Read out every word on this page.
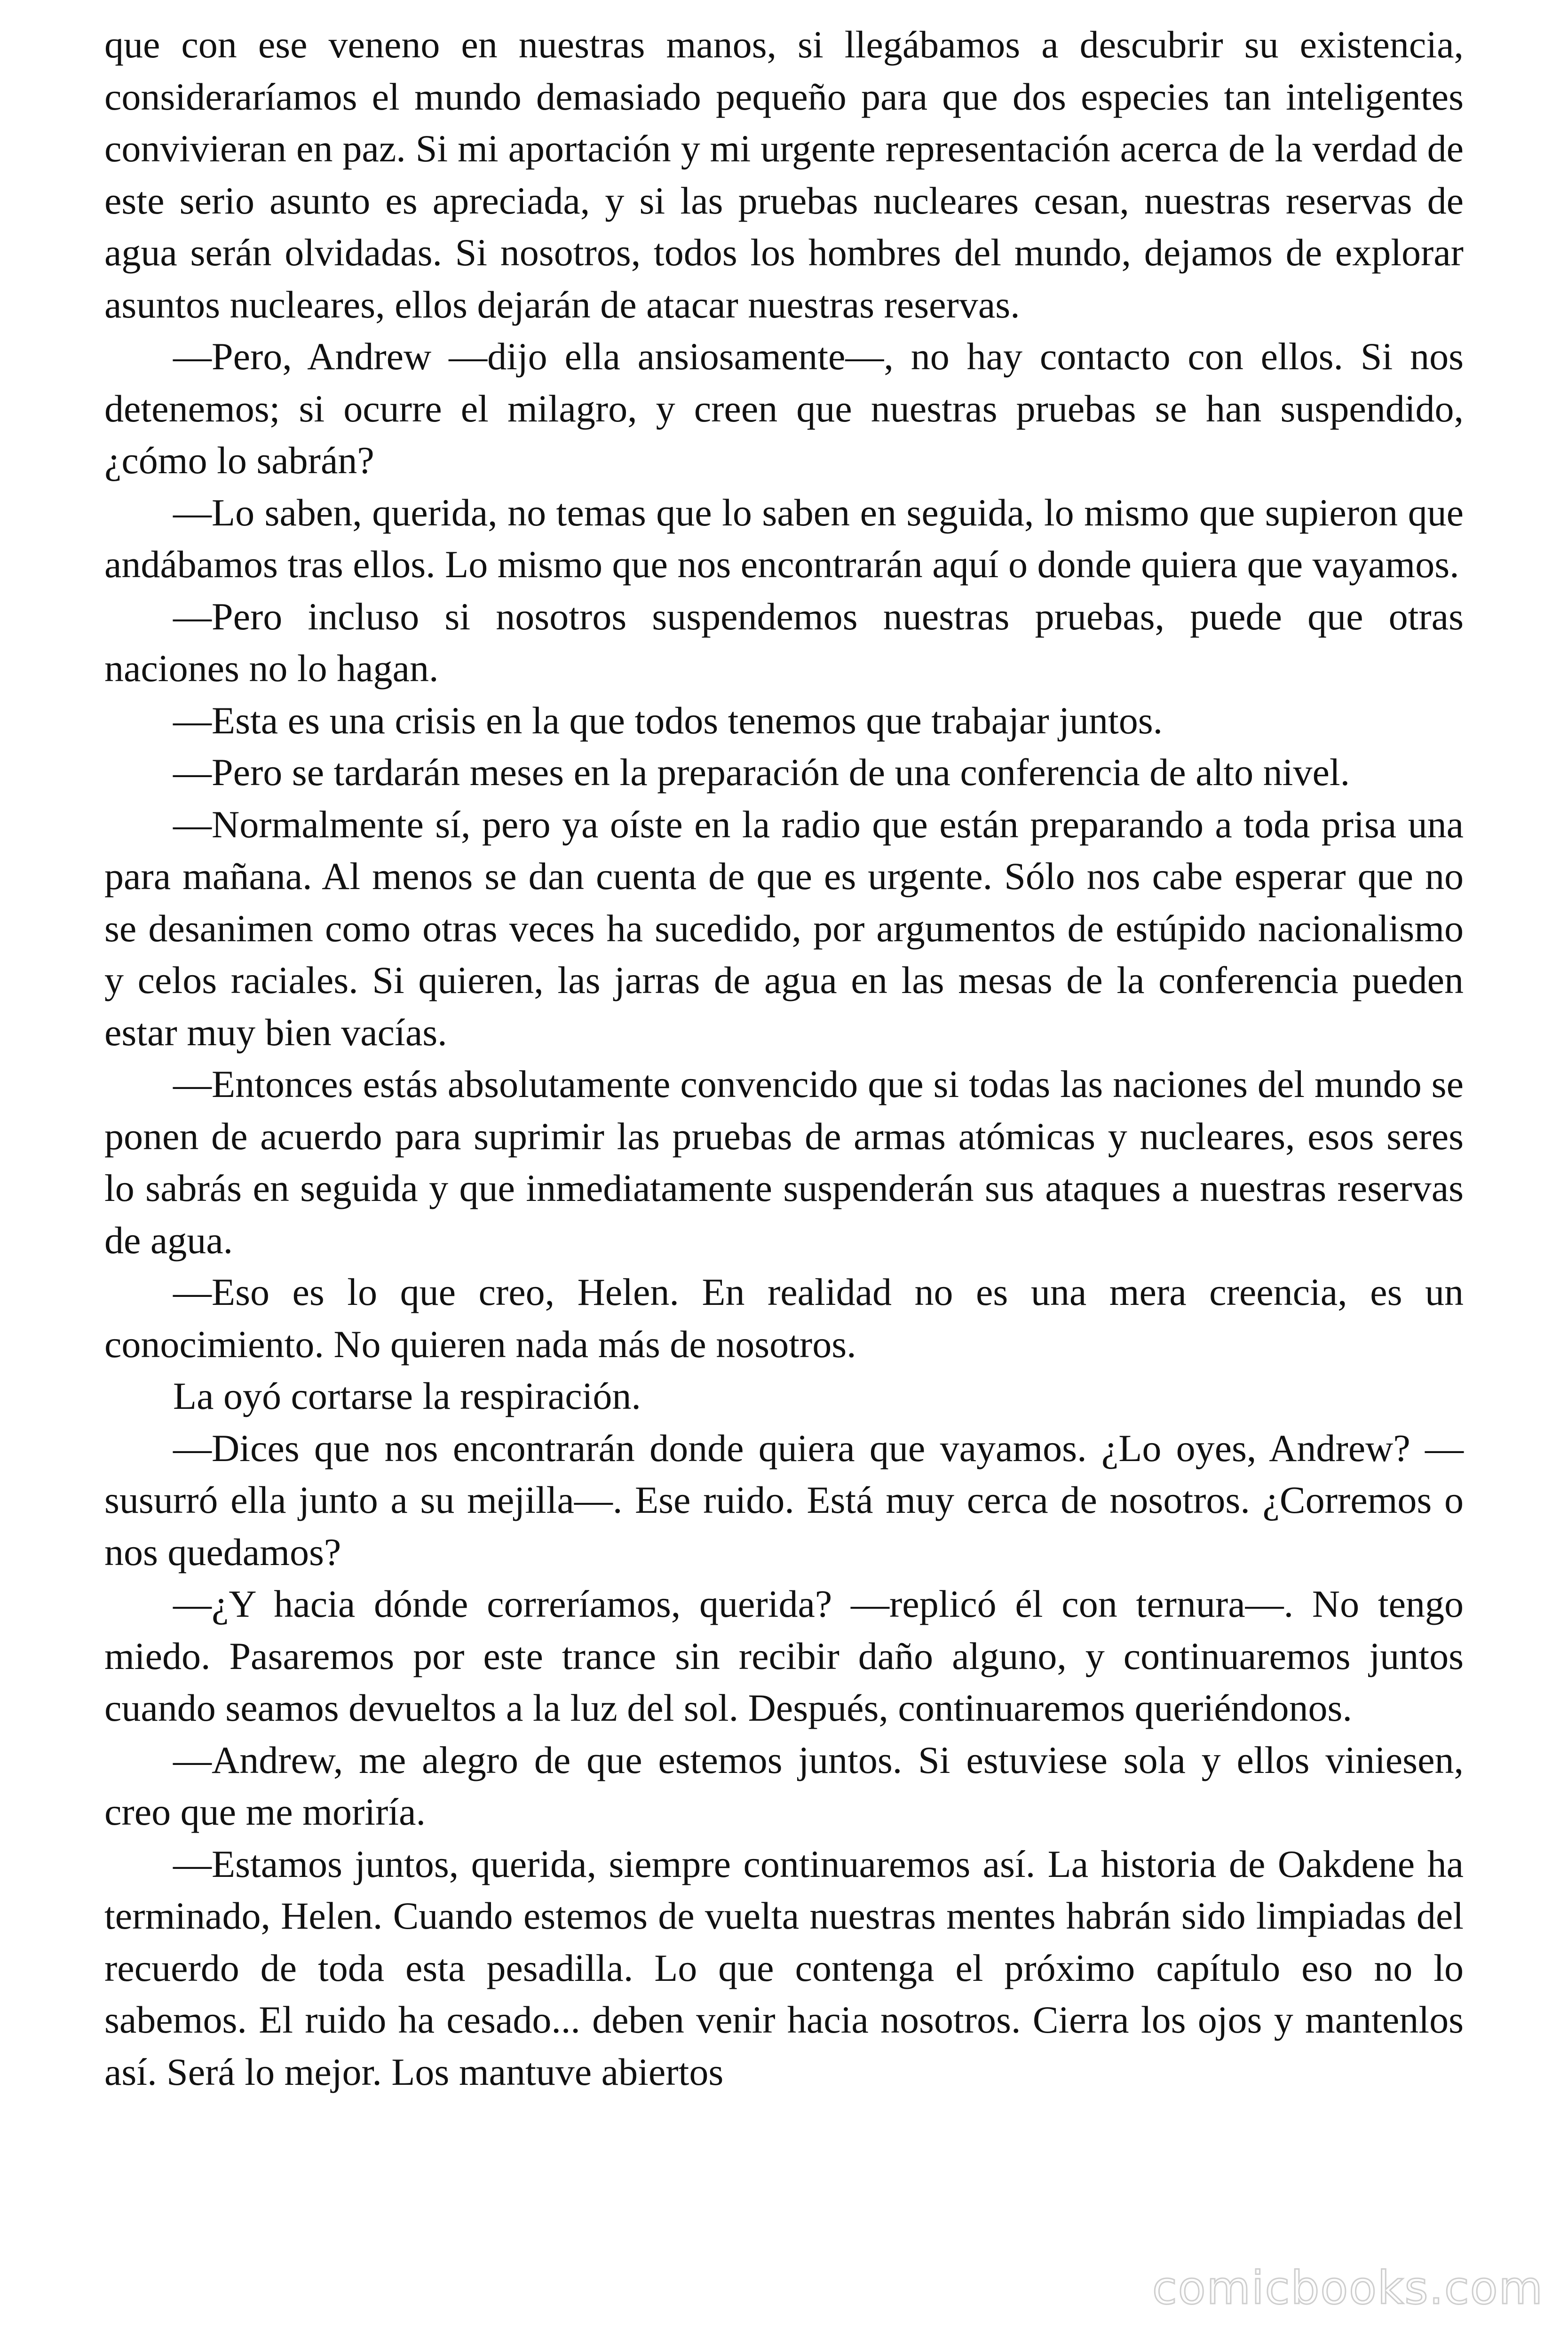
que con ese veneno en nuestras manos, si llegábamos a descubrir su existencia, consideraríamos el mundo demasiado pequeño para que dos especies tan inteligentes convivieran en paz. Si mi aportación y mi urgente representación acerca de la verdad de este serio asunto es apreciada, y si las pruebas nucleares cesan, nuestras reservas de agua serán olvidadas. Si nosotros, todos los hombres del mundo, dejamos de explorar asuntos nucleares, ellos dejarán de atacar nuestras reservas.

—Pero, Andrew —dijo ella ansiosamente—, no hay contacto con ellos. Si nos detenemos; si ocurre el milagro, y creen que nuestras pruebas se han suspendido, ¿cómo lo sabrán?

—Lo saben, querida, no temas que lo saben en seguida, lo mismo que supieron que andábamos tras ellos. Lo mismo que nos encontrarán aquí o donde quiera que vayamos.

—Pero incluso si nosotros suspendemos nuestras pruebas, puede que otras naciones no lo hagan.

—Esta es una crisis en la que todos tenemos que trabajar juntos.

—Pero se tardarán meses en la preparación de una conferencia de alto nivel.

—Normalmente sí, pero ya oíste en la radio que están preparando a toda prisa una para mañana. Al menos se dan cuenta de que es urgente. Sólo nos cabe esperar que no se desanimen como otras veces ha sucedido, por argumentos de estúpido nacionalismo y celos raciales. Si quieren, las jarras de agua en las mesas de la conferencia pueden estar muy bien vacías.

—Entonces estás absolutamente convencido que si todas las naciones del mundo se ponen de acuerdo para suprimir las pruebas de armas atómicas y nucleares, esos seres lo sabrás en seguida y que inmediatamente suspenderán sus ataques a nuestras reservas de agua.

—Eso es lo que creo, Helen. En realidad no es una mera creencia, es un conocimiento. No quieren nada más de nosotros.

La oyó cortarse la respiración.

—Dices que nos encontrarán donde quiera que vayamos. ¿Lo oyes, Andrew? —susurró ella junto a su mejilla—. Ese ruido. Está muy cerca de nosotros. ¿Corremos o nos quedamos?

—¿Y hacia dónde correríamos, querida? —replicó él con ternura—. No tengo miedo. Pasaremos por este trance sin recibir daño alguno, y continuaremos juntos cuando seamos devueltos a la luz del sol. Después, continuaremos queriéndonos.

—Andrew, me alegro de que estemos juntos. Si estuviese sola y ellos viniesen, creo que me moriría.

—Estamos juntos, querida, siempre continuaremos así. La historia de Oakdene ha terminado, Helen. Cuando estemos de vuelta nuestras mentes habrán sido limpiadas del recuerdo de toda esta pesadilla. Lo que contenga el próximo capítulo eso no lo sabemos. El ruido ha cesado... deben venir hacia nosotros. Cierra los ojos y mantenlos así. Será lo mejor. Los mantuve abiertos

comicbooks.com
